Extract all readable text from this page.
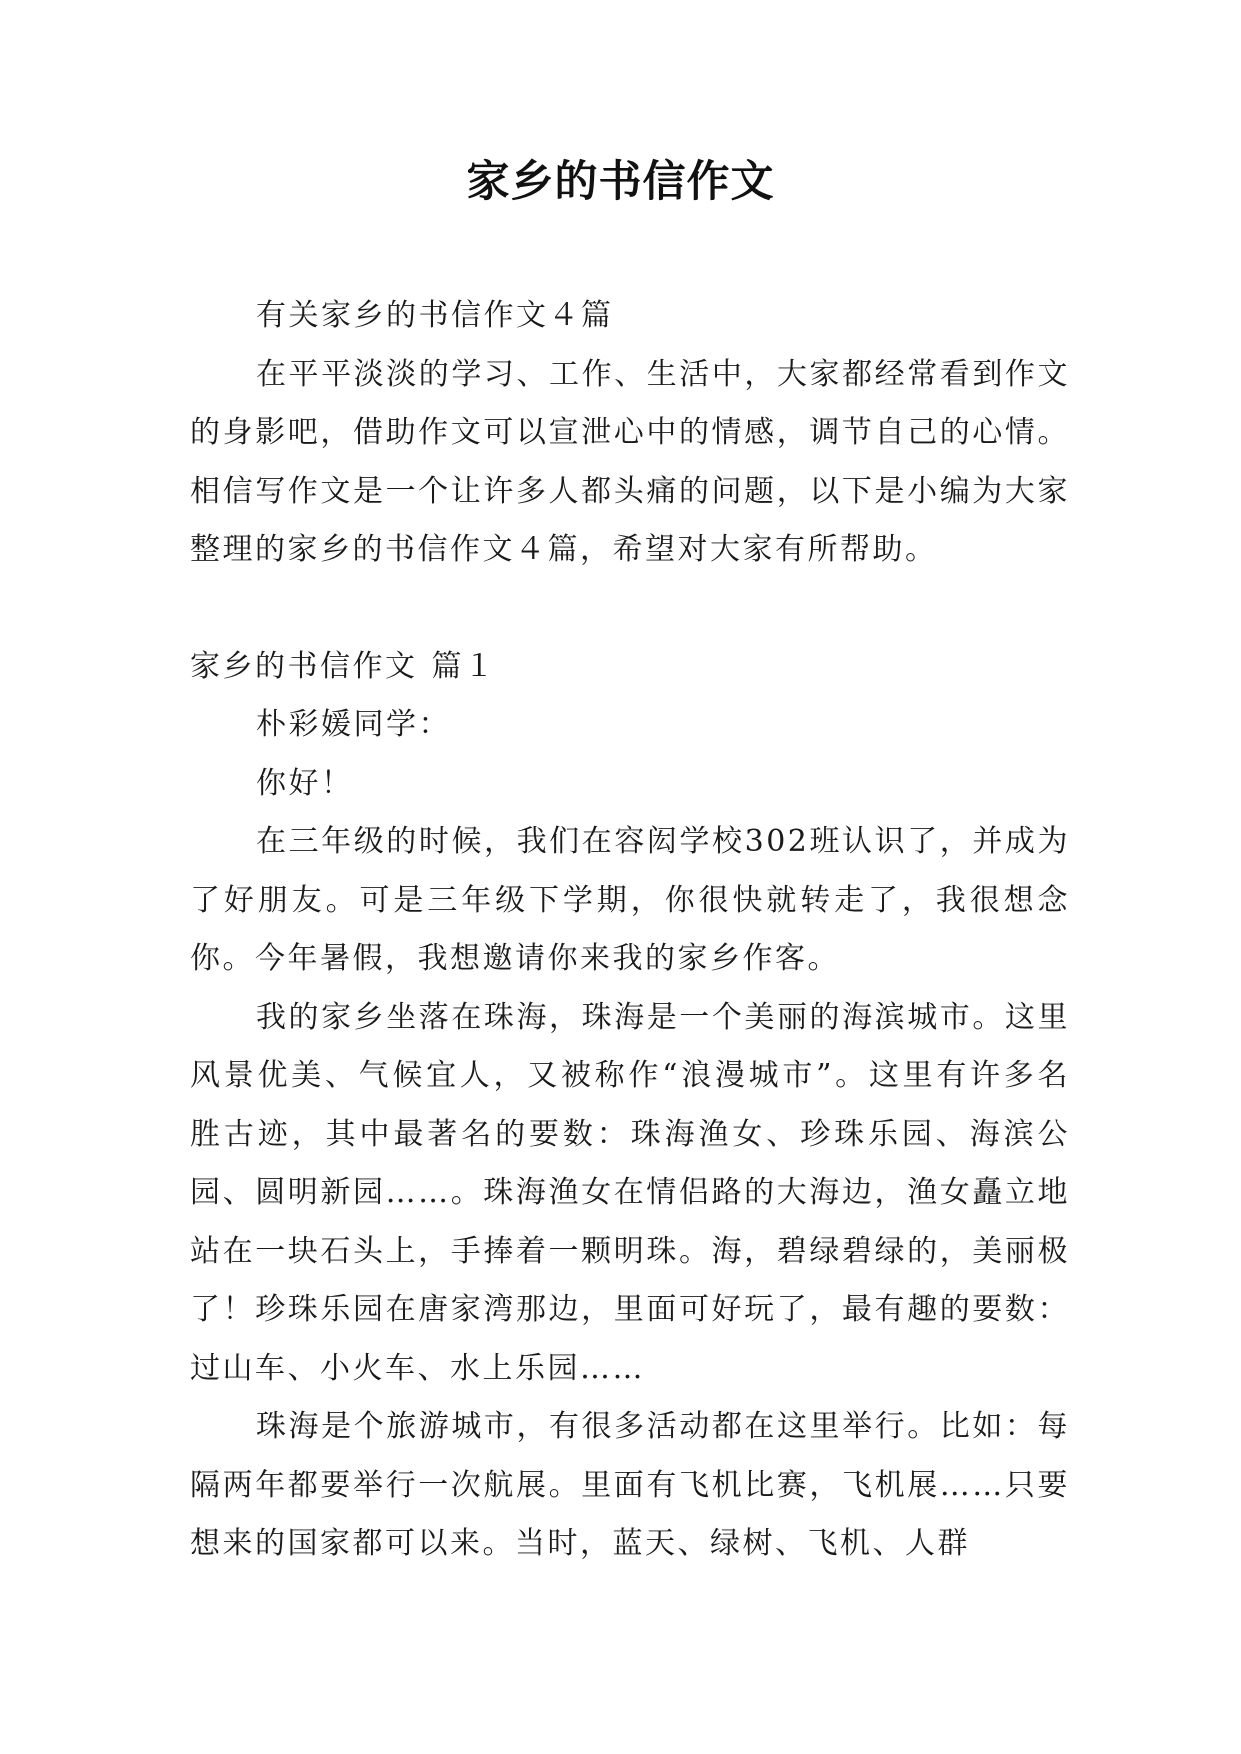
家乡的书信作文

有关家乡的书信作文４篇

在平平淡淡的学习、工作、生活中，大家都经常看到作文的身影吧，借助作文可以宣泄心中的情感，调节自己的心情。相信写作文是一个让许多人都头痛的问题，以下是小编为大家整理的家乡的书信作文４篇，希望对大家有所帮助。

家乡的书信作文 篇１

朴彩媛同学：

你好！

在三年级的时候，我们在容闳学校302班认识了，并成为了好朋友。可是三年级下学期，你很快就转走了，我很想念你。今年暑假，我想邀请你来我的家乡作客。

我的家乡坐落在珠海，珠海是一个美丽的海滨城市。这里风景优美、气候宜人，又被称作“浪漫城市”。这里有许多名胜古迹，其中最著名的要数：珠海渔女、珍珠乐园、海滨公园、圆明新园……。珠海渔女在情侣路的大海边，渔女矗立地站在一块石头上，手捧着一颗明珠。海，碧绿碧绿的，美丽极了！珍珠乐园在唐家湾那边，里面可好玩了，最有趣的要数：过山车、小火车、水上乐园……

珠海是个旅游城市，有很多活动都在这里举行。比如：每隔两年都要举行一次航展。里面有飞机比赛，飞机展……只要想来的国家都可以来。当时，蓝天、绿树、飞机、人群
